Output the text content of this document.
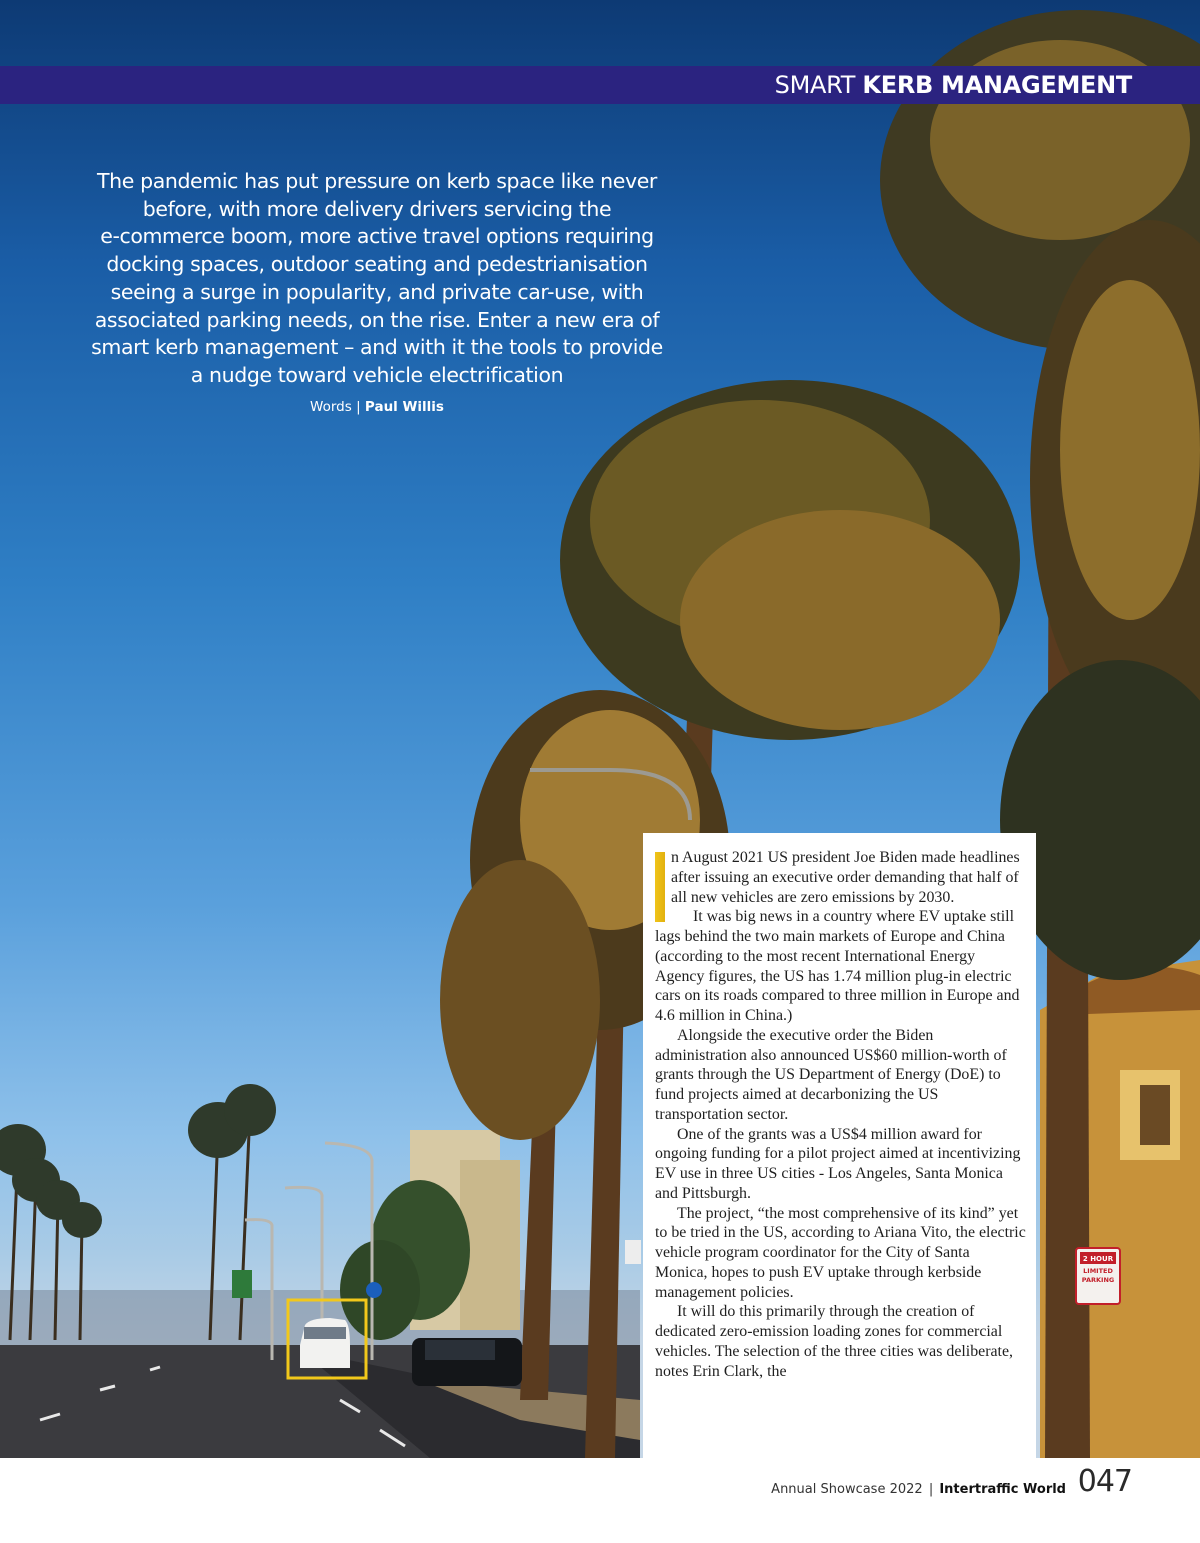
2 HOUR
LIMITED
PARKING
SMART KERB MANAGEMENT
The pandemic has put pressure on kerb space like never
before, with more delivery drivers servicing the
e-commerce boom, more active travel options requiring
docking spaces, outdoor seating and pedestrianisation
seeing a surge in popularity, and private car-use, with
associated parking needs, on the rise. Enter a new era of
smart kerb management – and with it the tools to provide
a nudge toward vehicle electrification
Words | Paul Willis

n August 2021 US president Joe Biden made headlines after issuing an executive order demanding that half of all new vehicles are zero emissions by 2030.

It was big news in a country where EV uptake still lags behind the two main markets of Europe and China (according to the most recent International Energy Agency figures, the US has 1.74 million plug-in electric cars on its roads compared to three million in Europe and 4.6 million in China.)

Alongside the executive order the Biden administration also announced US$60 million-worth of grants through the US Department of Energy (DoE) to fund projects aimed at decarbonizing the US transportation sector.

One of the grants was a US$4 million award for ongoing funding for a pilot project aimed at incentivizing EV use in three US cities - Los Angeles, Santa Monica and Pittsburgh.

The project, “the most comprehensive of its kind” yet to be tried in the US, according to Ariana Vito, the electric vehicle program coordinator for the City of Santa Monica, hopes to push EV uptake through kerbside management policies.

It will do this primarily through the creation of dedicated zero-emission loading zones for commercial vehicles. The selection of the three cities was deliberate, notes Erin Clark, the

Annual Showcase 2022 | Intertraffic World 047
